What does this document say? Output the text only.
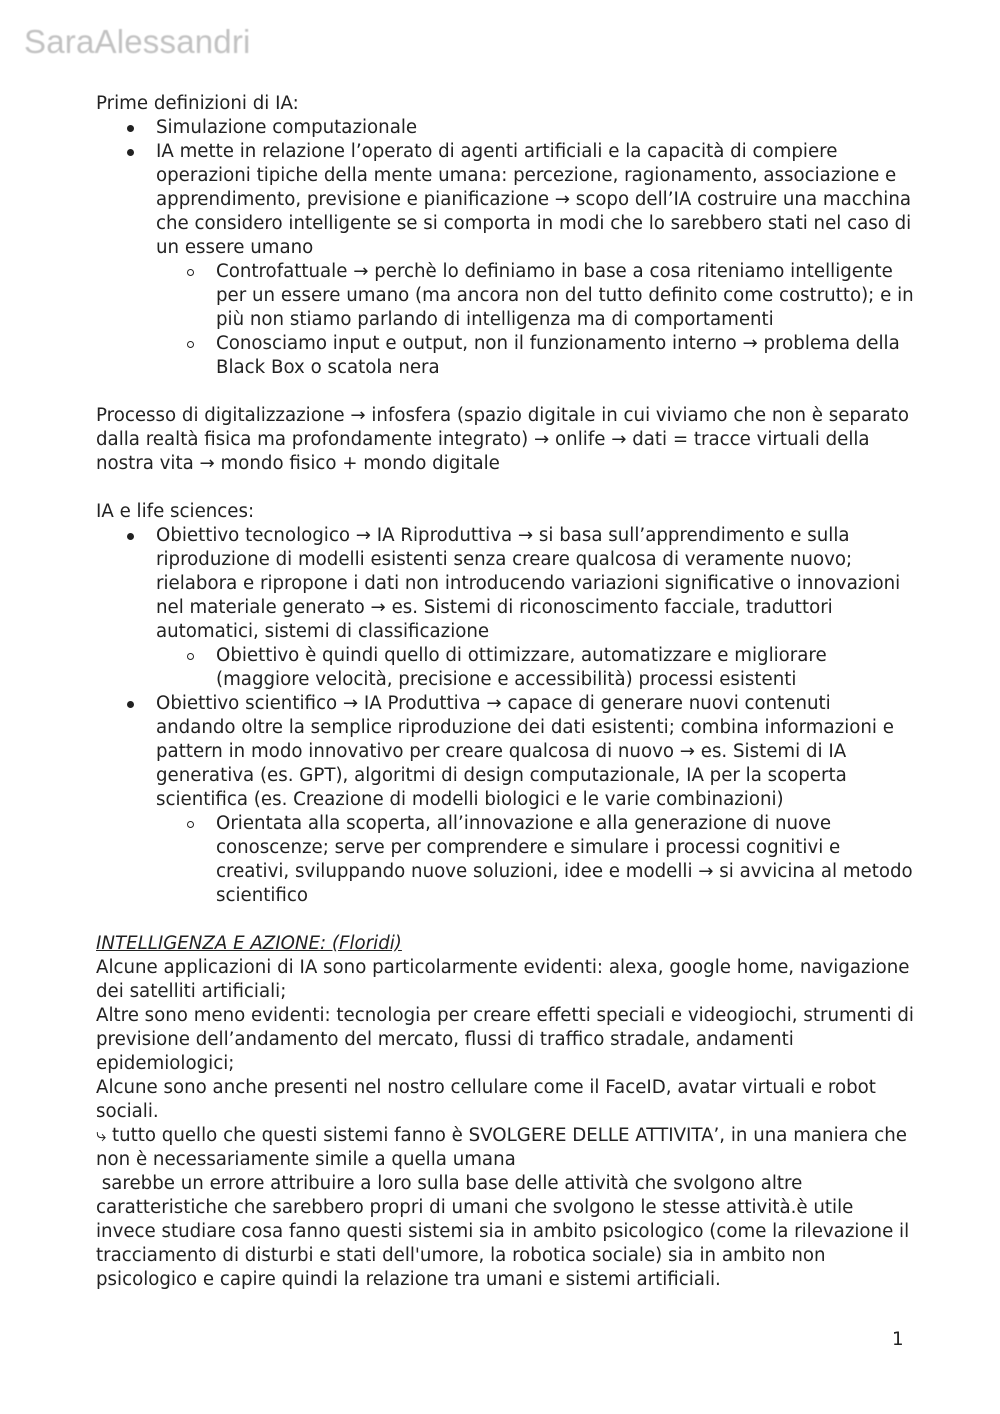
SaraAlessandri

Prime definizioni di IA:

Simulazione computazionale
IA mette in relazione l’operato di agenti artificiali e la capacità di compiere operazioni tipiche della mente umana: percezione, ragionamento, associazione e apprendimento, previsione e pianificazione → scopo dell’IA costruire una macchina che considero intelligente se si comporta in modi che lo sarebbero stati nel caso di un essere umano
Controfattuale → perchè lo definiamo in base a cosa riteniamo intelligente per un essere umano (ma ancora non del tutto definito come costrutto); e in più non stiamo parlando di intelligenza ma di comportamenti
Conosciamo input e output, non il funzionamento interno → problema della Black Box o scatola nera

Processo di digitalizzazione → infosfera (spazio digitale in cui viviamo che non è separato dalla realtà fisica ma profondamente integrato) → onlife → dati = tracce virtuali della nostra vita → mondo fisico + mondo digitale

IA e life sciences:

Obiettivo tecnologico → IA Riproduttiva → si basa sull’apprendimento e sulla riproduzione di modelli esistenti senza creare qualcosa di veramente nuovo; rielabora e ripropone i dati non introducendo variazioni significative o innovazioni nel materiale generato → es. Sistemi di riconoscimento facciale, traduttori automatici, sistemi di classificazione
Obiettivo è quindi quello di ottimizzare, automatizzare e migliorare (maggiore velocità, precisione e accessibilità) processi esistenti
Obiettivo scientifico → IA Produttiva → capace di generare nuovi contenuti andando oltre la semplice riproduzione dei dati esistenti; combina informazioni e pattern in modo innovativo per creare qualcosa di nuovo → es. Sistemi di IA generativa (es. GPT), algoritmi di design computazionale, IA per la scoperta scientifica (es. Creazione di modelli biologici e le varie combinazioni)
Orientata alla scoperta, all’innovazione e alla generazione di nuove conoscenze; serve per comprendere e simulare i processi cognitivi e creativi, sviluppando nuove soluzioni, idee e modelli → si avvicina al metodo scientifico

INTELLIGENZA E AZIONE: (Floridi)

Alcune applicazioni di IA sono particolarmente evidenti: alexa, google home, navigazione dei satelliti artificiali;

Altre sono meno evidenti: tecnologia per creare effetti speciali e videogiochi, strumenti di previsione dell’andamento del mercato, flussi di traffico stradale, andamenti epidemiologici;

Alcune sono anche presenti nel nostro cellulare come il FaceID, avatar virtuali e robot sociali.

⤷ tutto quello che questi sistemi fanno è SVOLGERE DELLE ATTIVITA’, in una maniera che non è necessariamente simile a quella umana

sarebbe un errore attribuire a loro sulla base delle attività che svolgono altre caratteristiche che sarebbero propri di umani che svolgono le stesse attività.è utile invece studiare cosa fanno questi sistemi sia in ambito psicologico (come la rilevazione il tracciamento di disturbi e stati dell'umore, la robotica sociale) sia in ambito non psicologico e capire quindi la relazione tra umani e sistemi artificiali.

1
